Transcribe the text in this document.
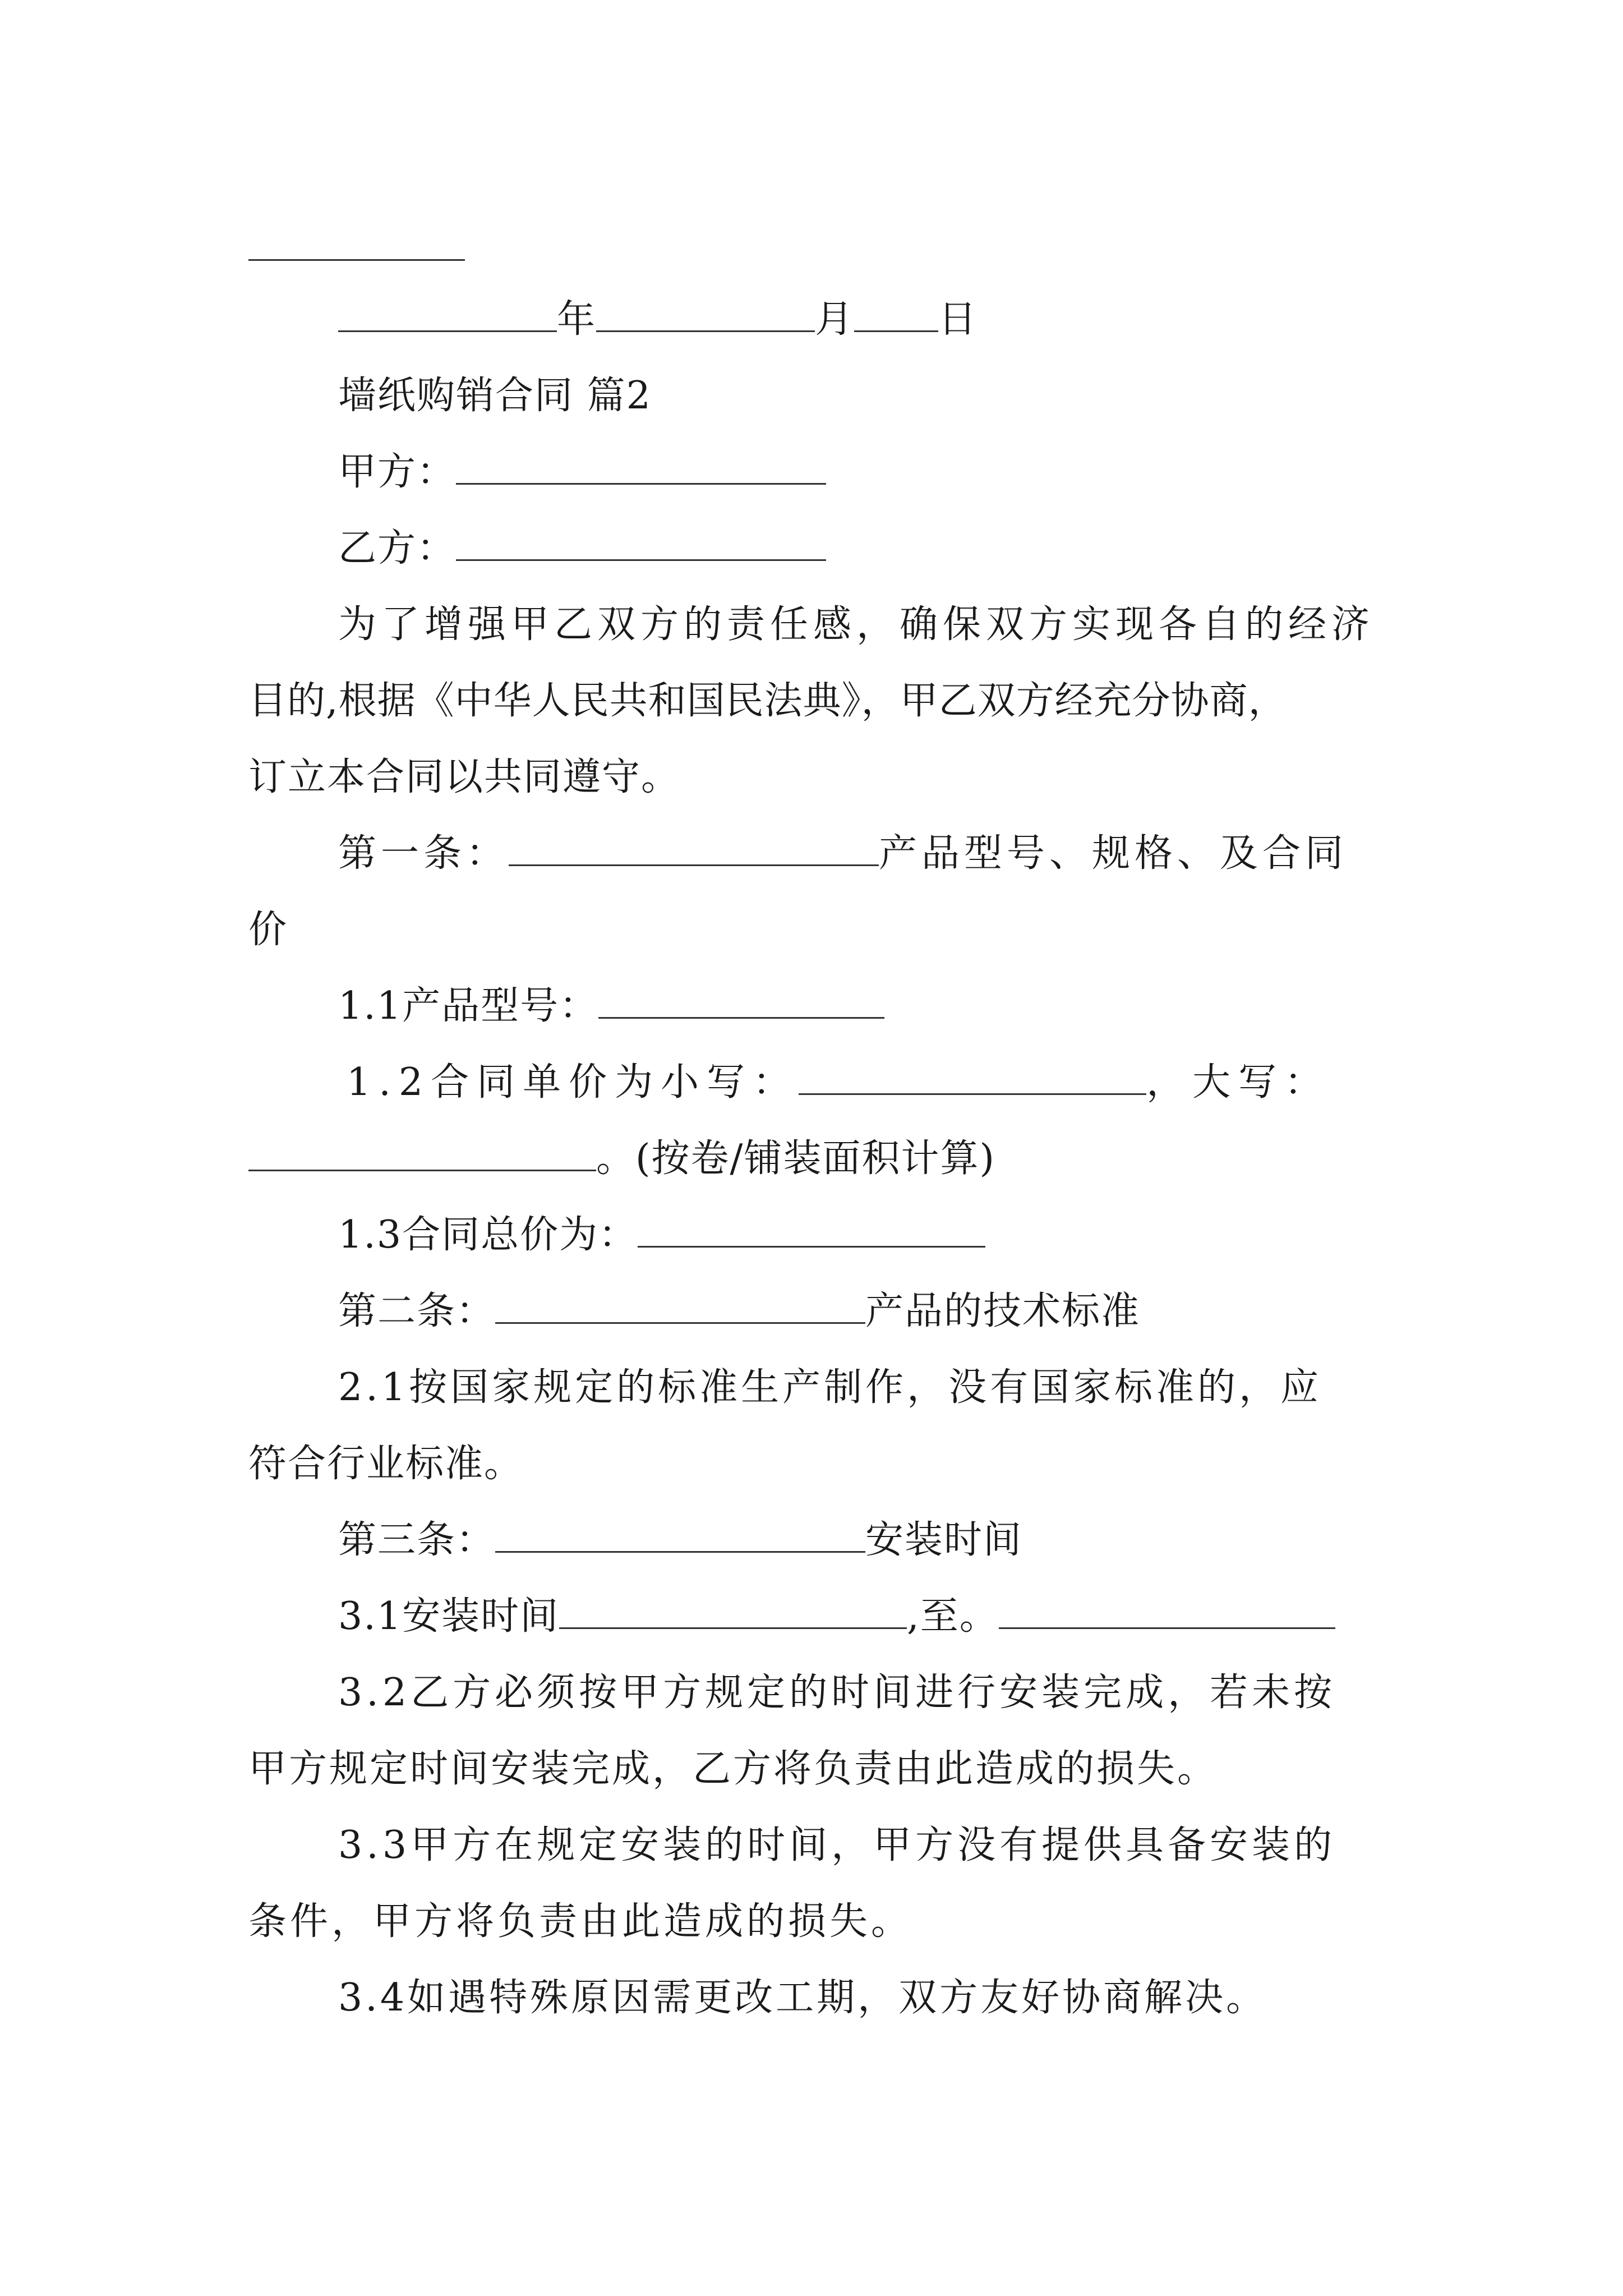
年	月 日
墙纸购销合同 篇2
甲方：
乙方：
为了增强甲乙双方的责任感，确保双方实现各自的经济
目的,根据《中华人民共和国民法典》，甲乙双方经充分协商，
订立本合同以共同遵守。
第一条：	产品型号、规格、及合同
价
1.1产品型号：
1.2合同单价为小写：	，大写：
。(按卷/铺装面积计算)
1.3合同总价为：
第二条：	产品的技术标准
2.1按国家规定的标准生产制作，没有国家标准的，应
符合行业标准。
第三条：	安装时间
3.1安装时间	,至。
3.2乙方必须按甲方规定的时间进行安装完成，若未按
甲方规定时间安装完成，乙方将负责由此造成的损失。
3.3甲方在规定安装的时间，甲方没有提供具备安装的
条件，甲方将负责由此造成的损失。
3.4如遇特殊原因需更改工期，双方友好协商解决。
